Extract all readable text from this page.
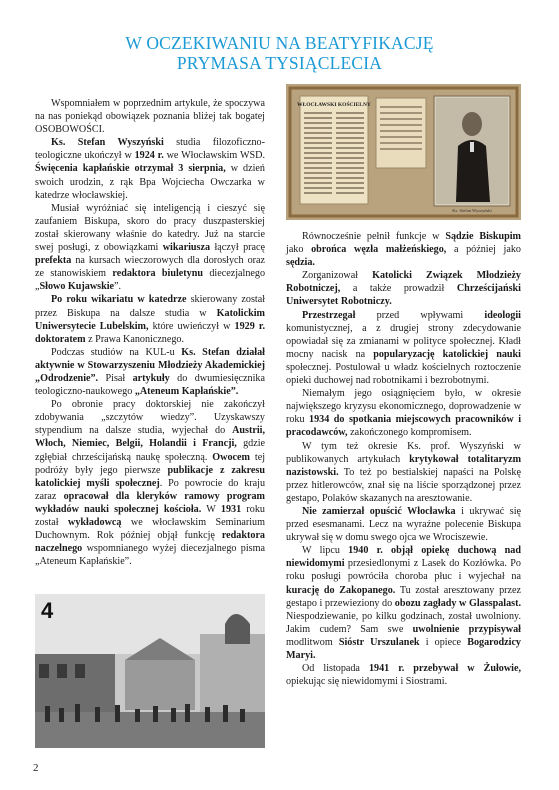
W OCZEKIWANIU NA BEATYFIKACJĘ
PRYMASA TYSIĄCLECIA

Wspomniałem w poprzednim artykule, że spoczywa na nas poniekąd obowiązek poznania bliżej tak bogatej OSOBOWOŚCI.

Ks. Stefan Wyszyński studia filozoficzno-teologiczne ukończył w 1924 r. we Włocławskim WSD. Święcenia kapłańskie otrzymał 3 sierpnia, w dzień swoich urodzin, z rąk Bpa Wojciecha Owczarka w katedrze włocławskiej.

Musiał wyróżniać się inteligencją i cieszyć się zaufaniem Biskupa, skoro do pracy duszpasterskiej został skierowany właśnie do katedry. Już na starcie swej posługi, z obowiązkami wikariusza łączył pracę prefekta na kursach wieczorowych dla dorosłych oraz ze stanowiskiem redaktora biuletynu diecezjalnego „Słowo Kujawskie”.

Po roku wikariatu w katedrze skierowany został przez Biskupa na dalsze studia w Katolickim Uniwersytecie Lubelskim, które uwieńczył w 1929 r. doktoratem z Prawa Kanonicznego.

Podczas studiów na KUL-u Ks. Stefan działał aktywnie w Stowarzyszeniu Młodzieży Akademickiej „Odrodzenie”. Pisał artykuły do dwumiesięcznika teologiczno-naukowego „Ateneum Kapłańskie”.

Po obronie pracy doktorskiej nie zakończył zdobywania „szczytów wiedzy”. Uzyskawszy stypendium na dalsze studia, wyjechał do Austrii, Włoch, Niemiec, Belgii, Holandii i Francji, gdzie zgłębiał chrześcijańską naukę społeczną. Owocem tej podróży były jego pierwsze publikacje z zakresu katolickiej myśli społecznej. Po powrocie do kraju zaraz opracował dla kleryków ramowy program wykładów nauki społecznej kościoła. W 1931 roku został wykładowcą we włocławskim Seminarium Duchownym. Rok później objął funkcję redaktora naczelnego wspomnianego wyżej diecezjalnego pisma „Ateneum Kapłańskie”.

WŁOCŁAWSKI KOŚCIELNY
Ks. Stefan Wyszyński
4

Równocześnie pełnił funkcje w Sądzie Biskupim jako obrońca węzła małżeńskiego, a później jako sędzia.

Zorganizował Katolicki Związek Młodzieży Robotniczej, a także prowadził Chrześcijański Uniwersytet Robotniczy.

Przestrzegał przed wpływami ideologii komunistycznej, a z drugiej strony zdecydowanie opowiadał się za zmianami w polityce społecznej. Kładł mocny nacisk na popularyzację katolickiej nauki społecznej. Postulował u władz kościelnych roztoczenie opieki duchowej nad robotnikami i bezrobotnymi.

Niemałym jego osiągnięciem było, w okresie największego kryzysu ekonomicznego, doprowadzenie w roku 1934 do spotkania miejscowych pracowników i pracodawców, zakończonego kompromisem.

W tym też okresie Ks. prof. Wyszyński w publikowanych artykułach krytykował totalitaryzm nazistowski. To też po bestialskiej napaści na Polskę przez hitlerowców, znał się na liście sporządzonej przez gestapo, Polaków skazanych na aresztowanie.

Nie zamierzał opuścić Włocławka i ukrywać się przed esesmanami. Lecz na wyraźne polecenie Biskupa ukrywał się w domu swego ojca we Wrociszewie.

W lipcu 1940 r. objął opiekę duchową nad niewidomymi przesiedlonymi z Lasek do Kozłówka. Po roku posługi powróciła choroba płuc i wyjechał na kurację do Zakopanego. Tu został aresztowany przez gestapo i przewieziony do obozu zagłady w Glasspalast. Niespodziewanie, po kilku godzinach, został uwolniony. Jakim cudem? Sam swe uwolnienie przypisywał modlitwom Sióstr Urszulanek i opiece Bogarodzicy Maryi.

Od listopada 1941 r. przebywał w Żułowie, opiekując się niewidomymi i Siostrami.

2
